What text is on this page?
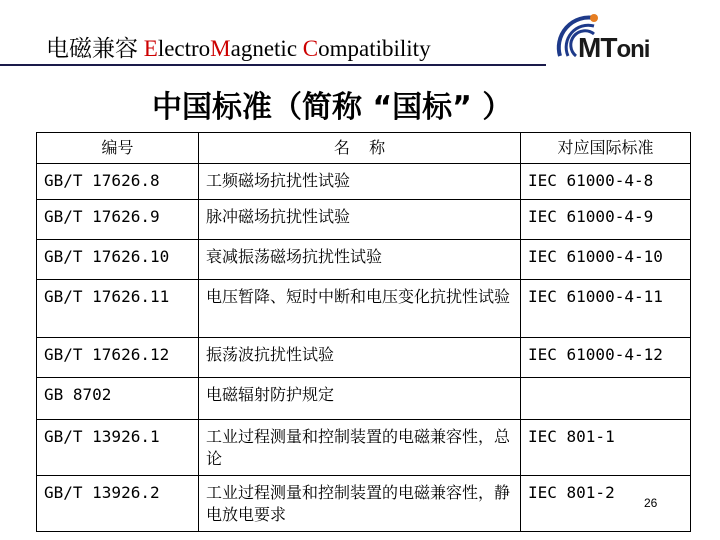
电磁兼容 ElectroMagnetic Compatibility	MToni
中国标准（简称 “国标” ）
编号	名  称	对应国际标准
GB/T 17626.8	工频磁场抗扰性试验	IEC 61000-4-8
GB/T 17626.9	脉冲磁场抗扰性试验	IEC 61000-4-9
GB/T 17626.10	衰减振荡磁场抗扰性试验	IEC 61000-4-10
GB/T 17626.11	电压暂降、短时中断和电压变化抗扰性试验	IEC 61000-4-11
GB/T 17626.12	振荡波抗扰性试验	IEC 61000-4-12
GB 8702	电磁辐射防护规定	
GB/T 13926.1	工业过程测量和控制装置的电磁兼容性，总论	IEC 801-1
GB/T 13926.2	工业过程测量和控制装置的电磁兼容性，静电放电要求	IEC 801-2
26
